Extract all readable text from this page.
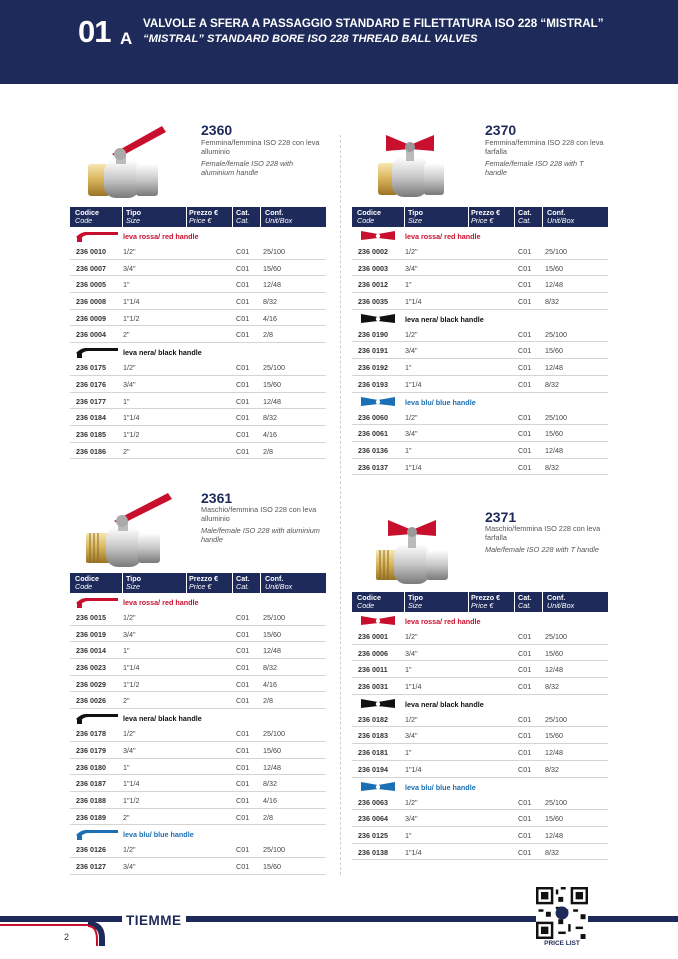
01 A
VALVOLE A SFERA A PASSAGGIO STANDARD E FILETTATURA ISO 228 “MISTRAL”
“MISTRAL” STANDARD BORE ISO 228 THREAD BALL VALVES
2360
Femmina/femmina ISO 228 con leva alluminio
Female/female ISO 228 with aluminium handle
Codice
Code
Tipo
Size
Prezzo €
Price €
Cat.
Cat.
Conf.
Unit/Box
leva rossa/ red handle
236 0010 1/2"	C01 25/100
236 0007 3/4"	C01 15/60
236 0005 1"	C01 12/48
236 0008 1"1/4	C01 8/32
236 0009 1"1/2	C01 4/16
236 0004 2"	C01 2/8
leva nera/ black handle
236 0175 1/2"	C01 25/100
236 0176 3/4"	C01 15/60
236 0177 1"	C01 12/48
236 0184 1"1/4	C01 8/32
236 0185 1"1/2	C01 4/16
236 0186 2"	C01 2/8
2370
Femmina/femmina ISO 228 con leva farfalla
Female/female ISO 228 with T handle
Codice
Code
Tipo
Size
Prezzo €
Price €
Cat.
Cat.
Conf.
Unit/Box
leva rossa/ red handle
236 0002 1/2"	C01 25/100
236 0003 3/4"	C01 15/60
236 0012 1"	C01 12/48
236 0035 1"1/4	C01 8/32
leva nera/ black handle
236 0190 1/2"	C01 25/100
236 0191 3/4"	C01 15/60
236 0192 1"	C01 12/48
236 0193 1"1/4	C01 8/32
leva blu/ blue handle
236 0060 1/2"	C01 25/100
236 0061 3/4"	C01 15/60
236 0136 1"	C01 12/48
236 0137 1"1/4	C01 8/32
2361
Maschio/femmina ISO 228 con leva alluminio
Male/female ISO 228 with aluminium handle
Codice
Code
Tipo
Size
Prezzo €
Price €
Cat.
Cat.
Conf.
Unit/Box
leva rossa/ red handle
236 0015 1/2"	C01 25/100
236 0019 3/4"	C01 15/60
236 0014 1"	C01 12/48
236 0023 1"1/4	C01 8/32
236 0029 1"1/2	C01 4/16
236 0026 2"	C01 2/8
leva nera/ black handle
236 0178 1/2"	C01 25/100
236 0179 3/4"	C01 15/60
236 0180 1"	C01 12/48
236 0187 1"1/4	C01 8/32
236 0188 1"1/2	C01 4/16
236 0189 2"	C01 2/8
leva blu/ blue handle
236 0126 1/2"	C01 25/100
236 0127 3/4"	C01 15/60
2371
Maschio/femmina ISO 228 con leva farfalla
Male/female ISO 228 with T handle
Codice
Code
Tipo
Size
Prezzo €
Price €
Cat.
Cat.
Conf.
Unit/Box
leva rossa/ red handle
236 0001 1/2"	C01 25/100
236 0006 3/4"	C01 15/60
236 0011 1"	C01 12/48
236 0031 1"1/4	C01 8/32
leva nera/ black handle
236 0182 1/2"	C01 25/100
236 0183 3/4"	C01 15/60
236 0181 1"	C01 12/48
236 0194 1"1/4	C01 8/32
leva blu/ blue handle
236 0063 1/2"	C01 25/100
236 0064 3/4"	C01 15/60
236 0125 1"	C01 12/48
236 0138 1"1/4	C01 8/32
TIEMME
2
PRICE LIST
